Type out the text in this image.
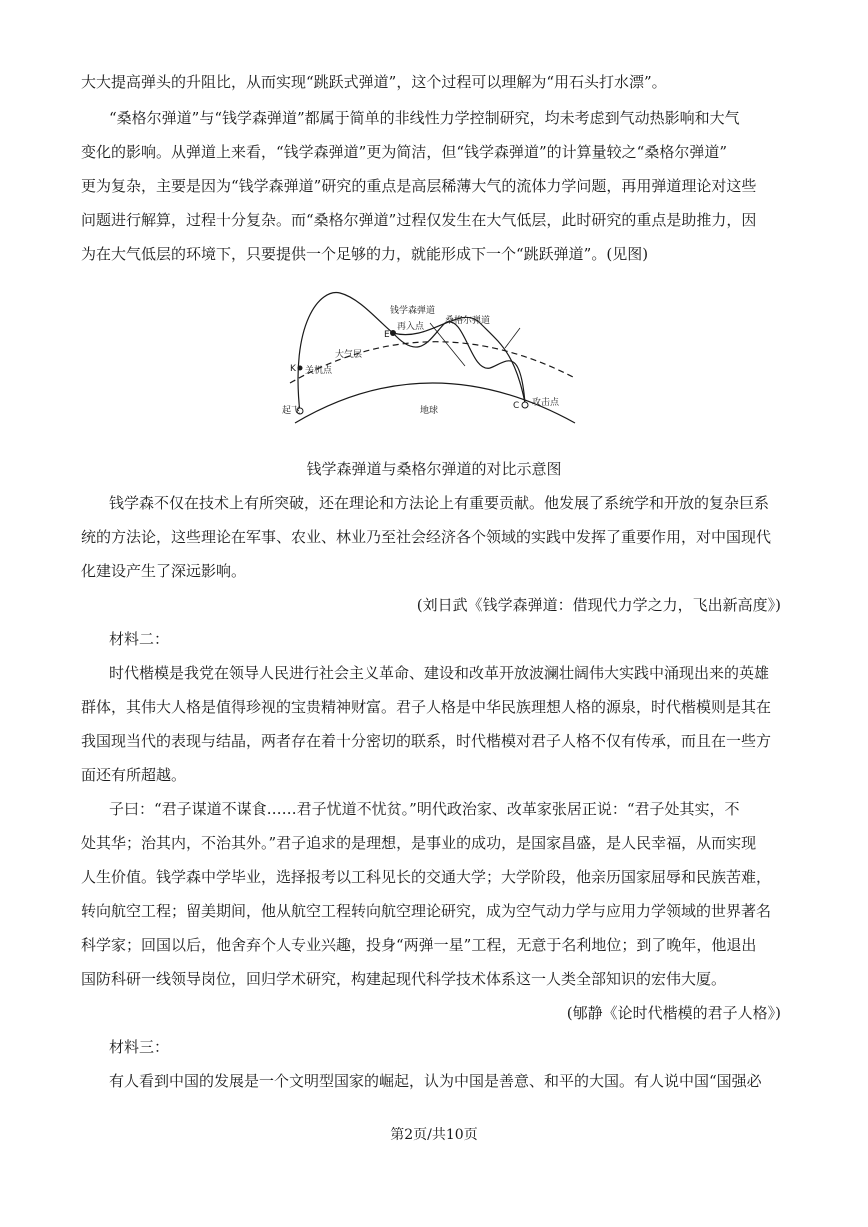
大大提高弹头的升阻比，从而实现“跳跃式弹道”，这个过程可以理解为“用石头打水漂”。
“桑格尔弹道”与“钱学森弹道”都属于简单的非线性力学控制研究，均未考虑到气动热影响和大气
变化的影响。从弹道上来看，“钱学森弹道”更为简洁，但“钱学森弹道”的计算量较之“桑格尔弹道”
更为复杂，主要是因为“钱学森弹道”研究的重点是高层稀薄大气的流体力学问题，再用弹道理论对这些
问题进行解算，过程十分复杂。而“桑格尔弹道”过程仅发生在大气低层，此时研究的重点是助推力，因
为在大气低层的环境下，只要提供一个足够的力，就能形成下一个“跳跃弹道”。(见图)
钱学森弹道
桑格尔弹道
再入点
E
大气层
K 关机点
起飞	地球	C 攻击点
钱学森弹道与桑格尔弹道的对比示意图
钱学森不仅在技术上有所突破，还在理论和方法论上有重要贡献。他发展了系统学和开放的复杂巨系
统的方法论，这些理论在军事、农业、林业乃至社会经济各个领域的实践中发挥了重要作用，对中国现代
化建设产生了深远影响。
(刘日武《钱学森弹道：借现代力学之力，飞出新高度》)
材料二：
时代楷模是我党在领导人民进行社会主义革命、建设和改革开放波澜壮阔伟大实践中涌现出来的英雄
群体，其伟大人格是值得珍视的宝贵精神财富。君子人格是中华民族理想人格的源泉，时代楷模则是其在
我国现当代的表现与结晶，两者存在着十分密切的联系，时代楷模对君子人格不仅有传承，而且在一些方
面还有所超越。
子曰：“君子谋道不谋食……君子忧道不忧贫。”明代政治家、改革家张居正说：“君子处其实，不
处其华；治其内，不治其外。”君子追求的是理想，是事业的成功，是国家昌盛，是人民幸福，从而实现
人生价值。钱学森中学毕业，选择报考以工科见长的交通大学；大学阶段，他亲历国家屈辱和民族苦难，
转向航空工程；留美期间，他从航空工程转向航空理论研究，成为空气动力学与应用力学领域的世界著名
科学家；回国以后，他舍弃个人专业兴趣，投身“两弹一星”工程，无意于名利地位；到了晚年，他退出
国防科研一线领导岗位，回归学术研究，构建起现代科学技术体系这一人类全部知识的宏伟大厦。
(郇静《论时代楷模的君子人格》)
材料三：
有人看到中国的发展是一个文明型国家的崛起，认为中国是善意、和平的大国。有人说中国“国强必
第2页/共10页
